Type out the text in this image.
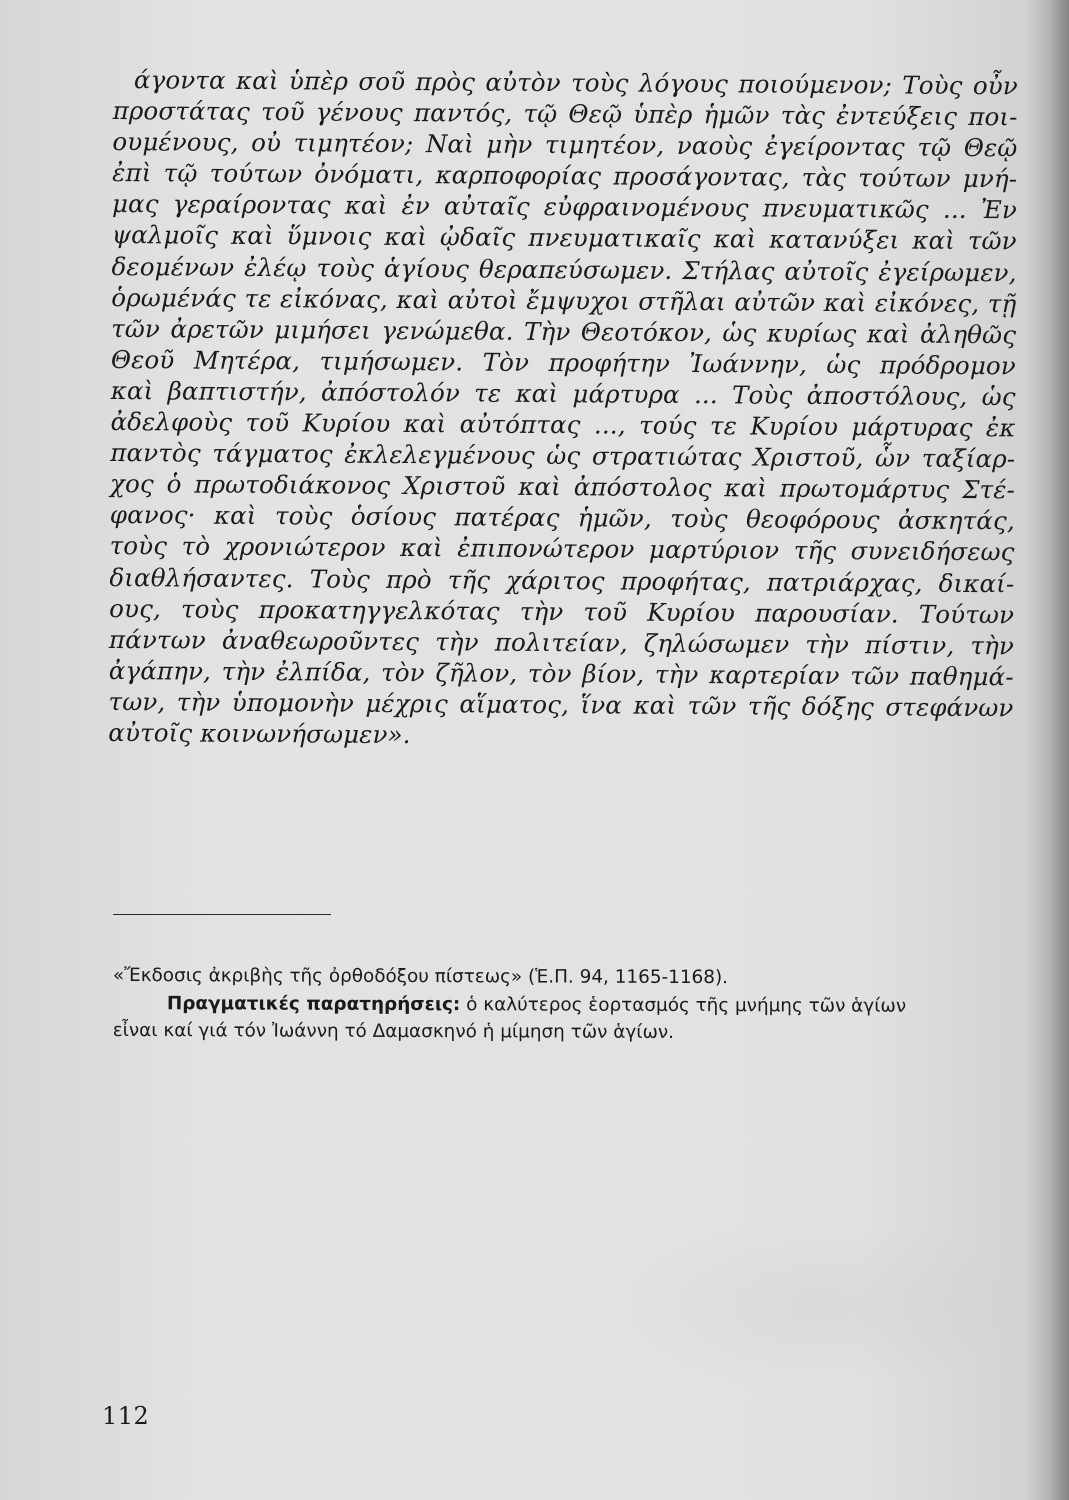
άγοντα καὶ ὑπὲρ σοῦ πρὸς αὐτὸν τοὺς λόγους ποιούμενον; Τοὺς οὖν
προστάτας τοῦ γένους παντός, τῷ Θεῷ ὑπὲρ ἡμῶν τὰς ἐντεύξεις ποι-
ουμένους, οὐ τιμητέον; Ναὶ μὴν τιμητέον, ναοὺς ἐγείροντας τῷ Θεῷ
ἐπὶ τῷ τούτων ὀνόματι, καρποφορίας προσάγοντας, τὰς τούτων μνή-
μας γεραίροντας καὶ ἐν αὐταῖς εὐφραινομένους πνευματικῶς ... Ἐν
ψαλμοῖς καὶ ὕμνοις καὶ ᾠδαῖς πνευματικαῖς καὶ κατανύξει καὶ τῶν
δεομένων ἐλέῳ τοὺς ἁγίους θεραπεύσωμεν. Στήλας αὐτοῖς ἐγείρωμεν,
ὁρωμένάς τε εἰκόνας, καὶ αὐτοὶ ἔμψυχοι στῆλαι αὐτῶν καὶ εἰκόνες, τῇ
τῶν ἀρετῶν μιμήσει γενώμεθα. Τὴν Θεοτόκον, ὡς κυρίως καὶ ἀληθῶς
Θεοῦ Μητέρα, τιμήσωμεν. Τὸν προφήτην Ἰωάννην, ὡς πρόδρομον
καὶ βαπτιστήν, ἀπόστολόν τε καὶ μάρτυρα ... Τοὺς ἀποστόλους, ὡς
ἀδελφοὺς τοῦ Κυρίου καὶ αὐτόπτας ..., τούς τε Κυρίου μάρτυρας ἐκ
παντὸς τάγματος ἐκλελεγμένους ὡς στρατιώτας Χριστοῦ, ὧν ταξίαρ-
χος ὁ πρωτοδιάκονος Χριστοῦ καὶ ἀπόστολος καὶ πρωτομάρτυς Στέ-
φανος· καὶ τοὺς ὁσίους πατέρας ἡμῶν, τοὺς θεοφόρους ἀσκητάς,
τοὺς τὸ χρονιώτερον καὶ ἐπιπονώτερον μαρτύριον τῆς συνειδήσεως
διαθλήσαντες. Τοὺς πρὸ τῆς χάριτος προφήτας, πατριάρχας, δικαί-
ους, τοὺς προκατηγγελκότας τὴν τοῦ Κυρίου παρουσίαν. Τούτων
πάντων ἀναθεωροῦντες τὴν πολιτείαν, ζηλώσωμεν τὴν πίστιν, τὴν
ἀγάπην, τὴν ἐλπίδα, τὸν ζῆλον, τὸν βίον, τὴν καρτερίαν τῶν παθημά-
των, τὴν ὑπομονὴν μέχρις αἵματος, ἵνα καὶ τῶν τῆς δόξης στεφάνων
αὐτοῖς κοινωνήσωμεν».

«Ἔκδοσις ἀκριβὴς τῆς ὀρθοδόξου πίστεως» (Ἑ.Π. 94, 1165-1168).

Πραγματικές παρατηρήσεις: ὁ καλύτερος ἑορτασμός τῆς μνήμης τῶν ἁγίων

εἶναι καί γιά τόν Ἰωάννη τό Δαμασκηνό ἡ μίμηση τῶν ἁγίων.

112
